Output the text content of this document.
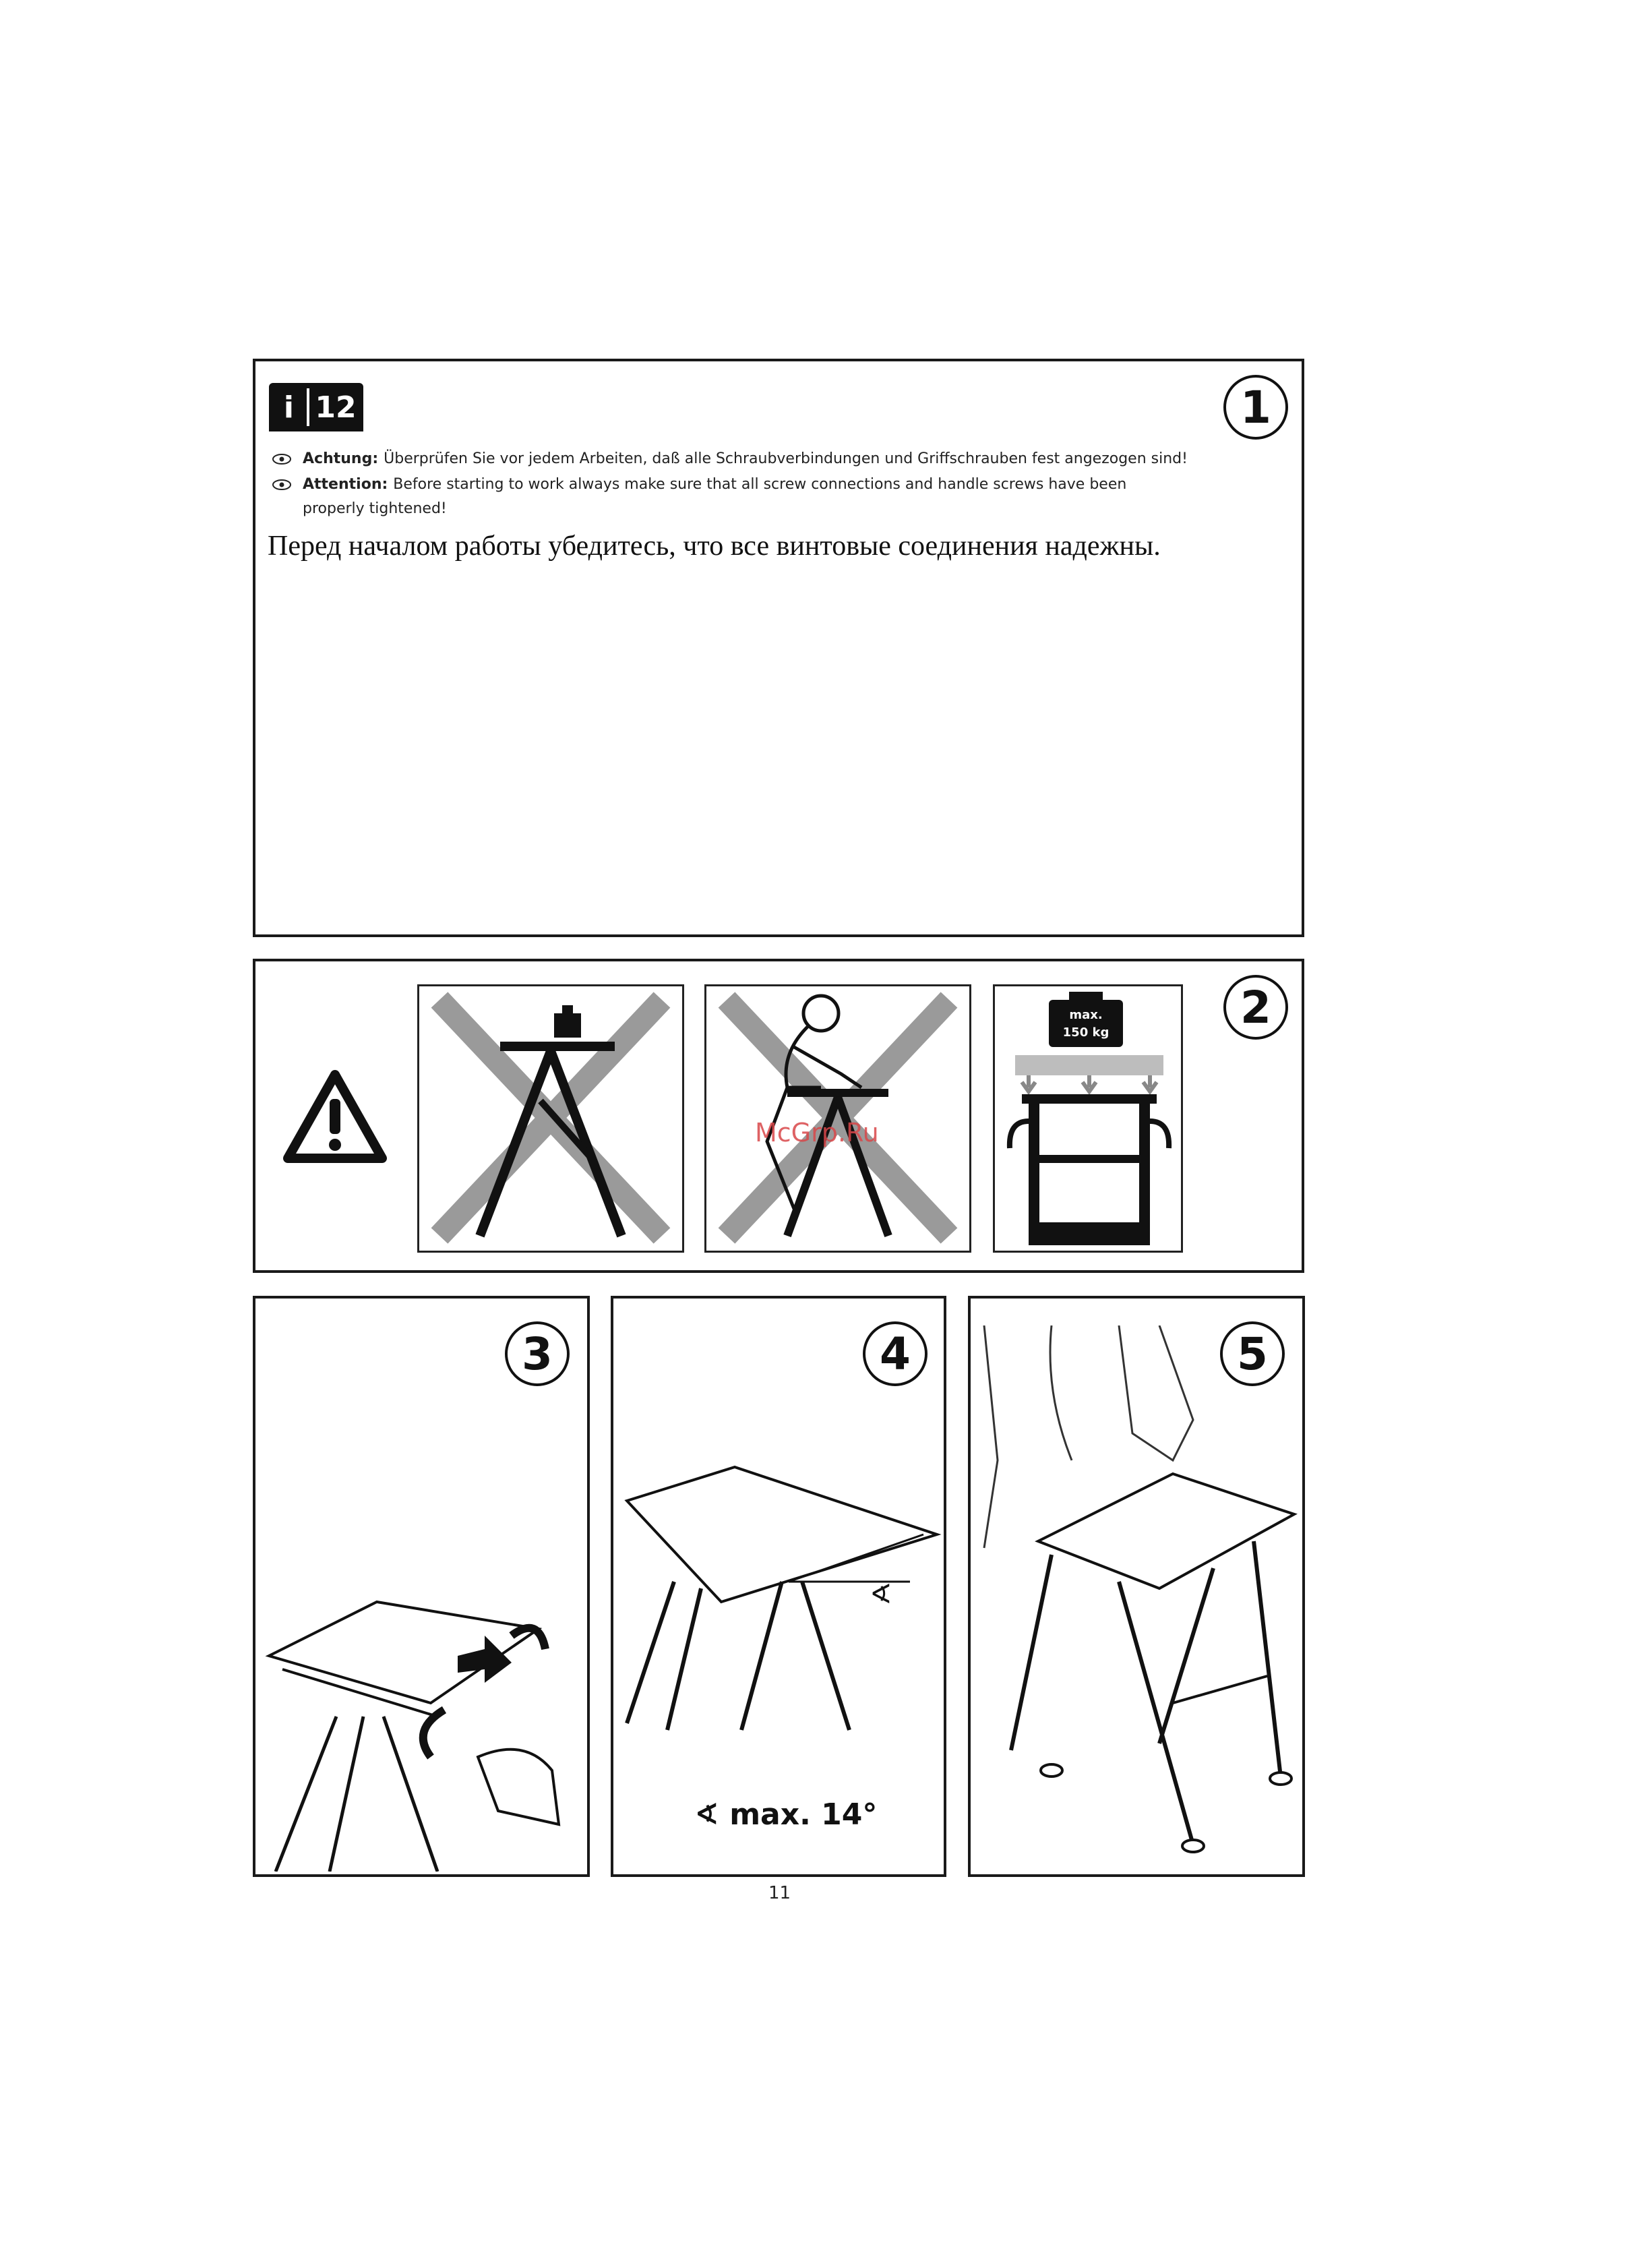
i 12	1
Achtung: Überprüfen Sie vor jedem Arbeiten, daß alle Schraubverbindungen und Griffschrauben fest angezogen sind!
Attention: Before starting to work always make sure that all screw connections and handle screws have been
properly tightened!
Перед началом работы убедитесь, что все винтовые соединения надежны.
max.
150 kg	2
McGrp.Ru
3	4
∢
∢ max. 14°
5
11
